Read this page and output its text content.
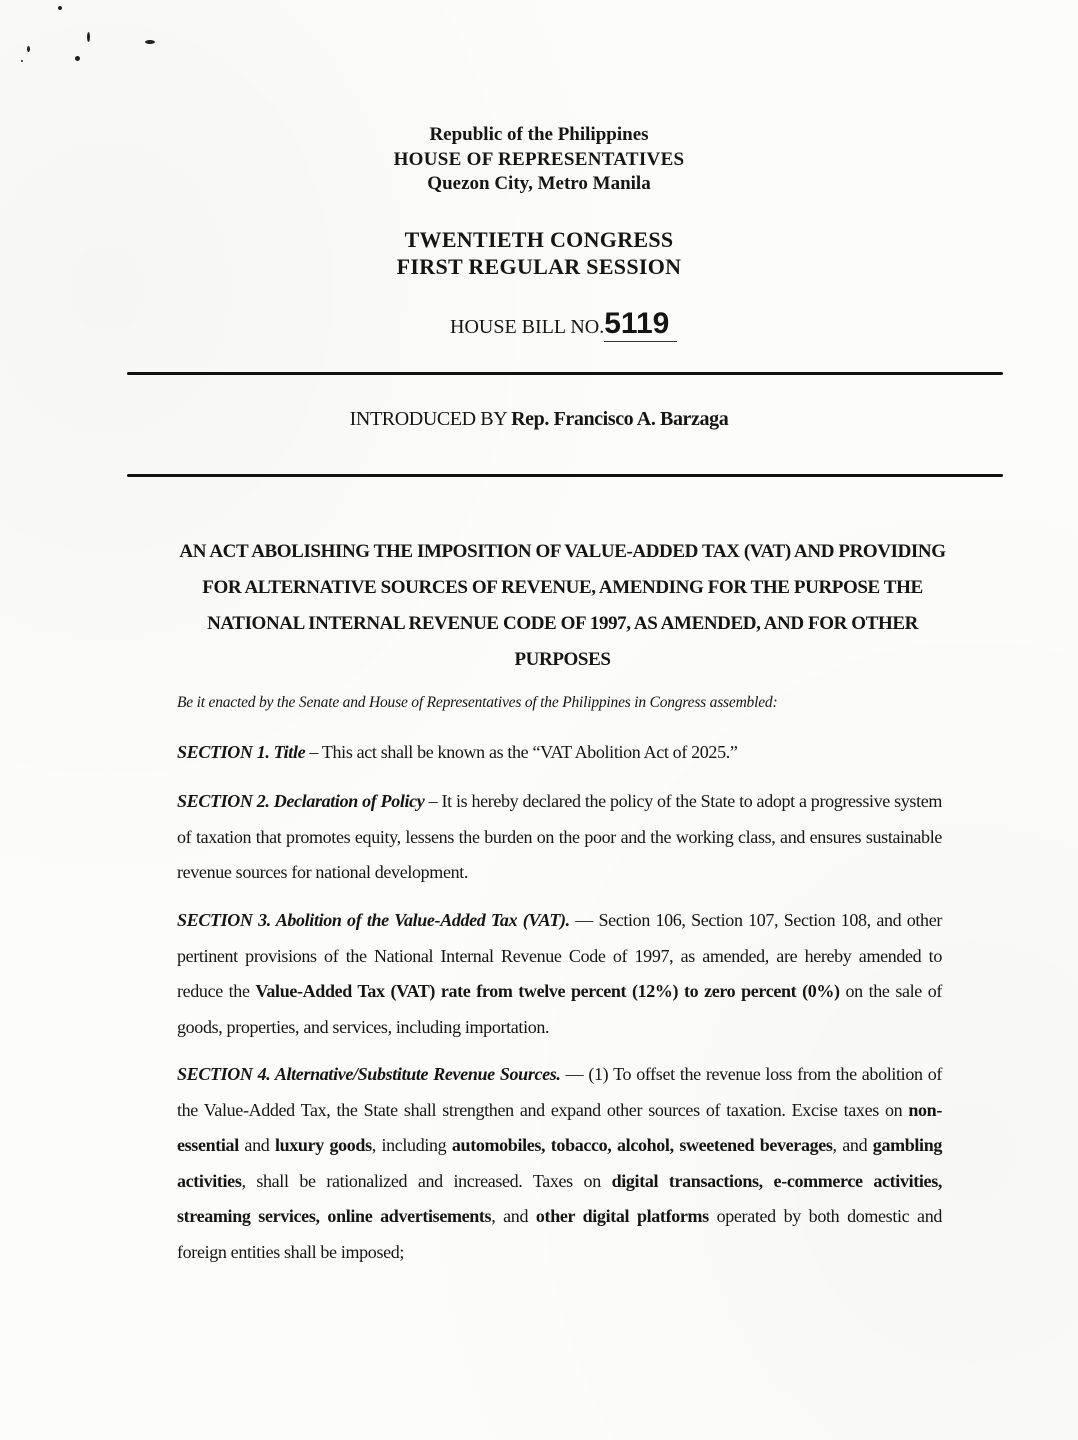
Republic of the Philippines
HOUSE OF REPRESENTATIVES
Quezon City, Metro Manila
TWENTIETH CONGRESS
FIRST REGULAR SESSION
HOUSE BILL NO.5119
INTRODUCED BY Rep. Francisco A. Barzaga
AN ACT ABOLISHING THE IMPOSITION OF VALUE-ADDED TAX (VAT) AND PROVIDING FOR ALTERNATIVE SOURCES OF REVENUE, AMENDING FOR THE PURPOSE THE NATIONAL INTERNAL REVENUE CODE OF 1997, AS AMENDED, AND FOR OTHER PURPOSES
Be it enacted by the Senate and House of Representatives of the Philippines in Congress assembled:
SECTION 1. Title – This act shall be known as the “VAT Abolition Act of 2025.”
SECTION 2. Declaration of Policy – It is hereby declared the policy of the State to adopt a progressive system of taxation that promotes equity, lessens the burden on the poor and the working class, and ensures sustainable revenue sources for national development.
SECTION 3. Abolition of the Value-Added Tax (VAT). — Section 106, Section 107, Section 108, and other pertinent provisions of the National Internal Revenue Code of 1997, as amended, are hereby amended to reduce the Value-Added Tax (VAT) rate from twelve percent (12%) to zero percent (0%) on the sale of goods, properties, and services, including importation.
SECTION 4. Alternative/Substitute Revenue Sources. — (1) To offset the revenue loss from the abolition of the Value-Added Tax, the State shall strengthen and expand other sources of taxation. Excise taxes on non-essential and luxury goods, including automobiles, tobacco, alcohol, sweetened beverages, and gambling activities, shall be rationalized and increased. Taxes on digital transactions, e-commerce activities, streaming services, online advertisements, and other digital platforms operated by both domestic and foreign entities shall be imposed;
